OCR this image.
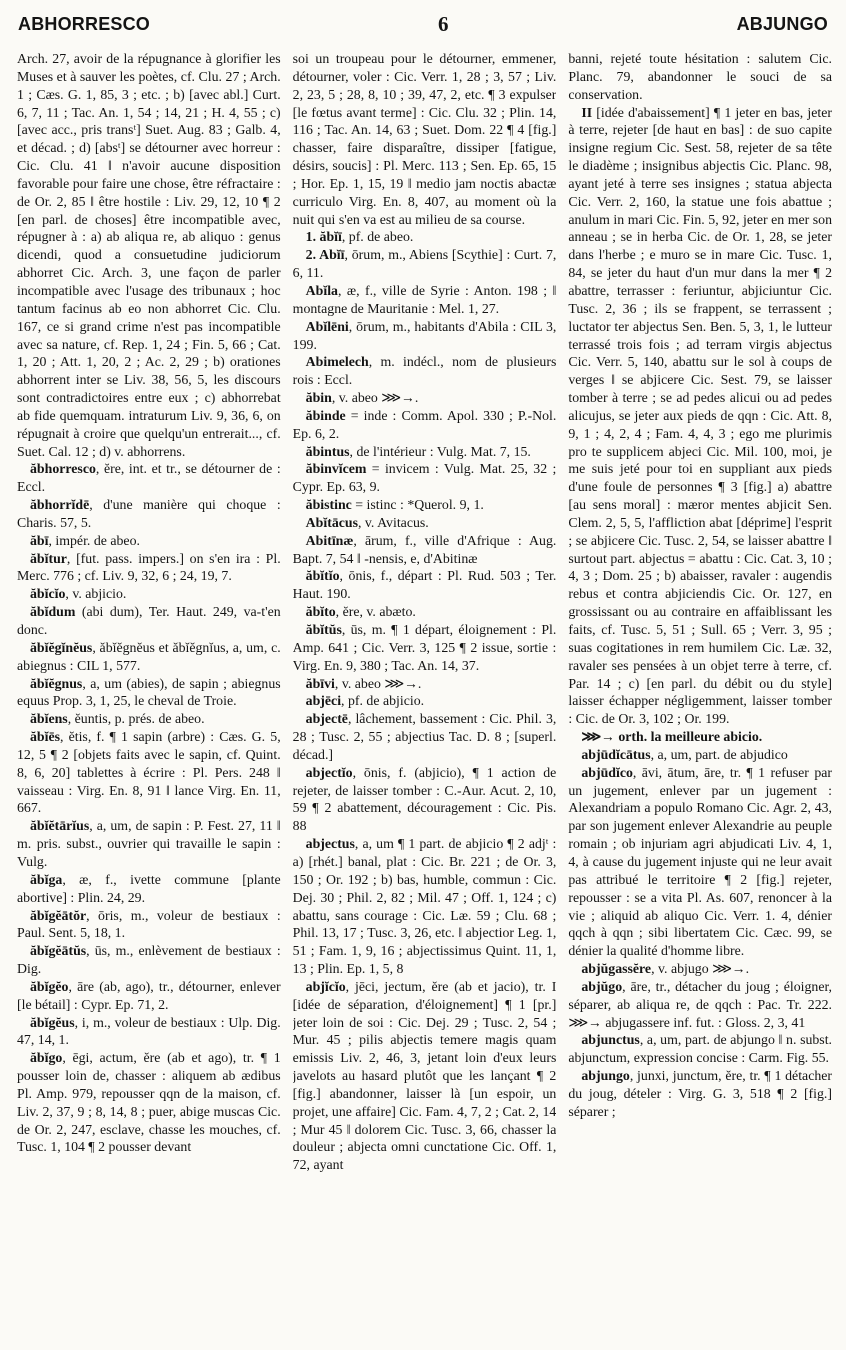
ABHORRESCO	6	ABJUNGO

Arch. 27, avoir de la répugnance à glorifier les Muses et à sauver les poètes, cf. Clu. 27 ; Arch. 1 ; Cæs. G. 1, 85, 3 ; etc. ; b) [avec abl.] Curt. 6, 7, 11 ; Tac. An. 1, 54 ; 14, 21 ; H. 4, 55 ; c) [avec acc., pris transᵗ] Suet. Aug. 83 ; Galb. 4, et décad. ; d) [absᵗ] se détourner avec horreur : Cic. Clu. 41 ‖ n'avoir aucune disposition favorable pour faire une chose, être réfractaire : de Or. 2, 85 ‖ être hostile : Liv. 29, 12, 10 ¶ 2 [en parl. de choses] être incompatible avec, répugner à : a) ab aliqua re, ab aliquo : genus dicendi, quod a consuetudine judiciorum abhorret Cic. Arch. 3, une façon de parler incompatible avec l'usage des tribunaux ; hoc tantum facinus ab eo non abhorret Cic. Clu. 167, ce si grand crime n'est pas incompatible avec sa nature, cf. Rep. 1, 24 ; Fin. 5, 66 ; Cat. 1, 20 ; Att. 1, 20, 2 ; Ac. 2, 29 ; b) orationes abhorrent inter se Liv. 38, 56, 5, les discours sont contradictoires entre eux ; c) abhorrebat ab fide quemquam. intraturum Liv. 9, 36, 6, on répugnait à croire que quelqu'un entrerait..., cf. Suet. Cal. 12 ; d) v. abhorrens.

ăbhorresco, ĕre, int. et tr., se détourner de : Eccl.

ăbhorrĭdē, d'une manière qui choque : Charis. 57, 5.

ăbī, impér. de abeo.

ăbĭtur, [fut. pass. impers.] on s'en ira : Pl. Merc. 776 ; cf. Liv. 9, 32, 6 ; 24, 19, 7.

ăbĭcĭo, v. abjicio.

ăbĭdum (abi dum), Ter. Haut. 249, va-t'en donc.

ăbĭĕgĭnĕus, ăbĭĕgnĕus et ăbĭĕgnĭus, a, um, c. abiegnus : CIL 1, 577.

ăbĭĕgnus, a, um (abies), de sapin ; abiegnus equus Prop. 3, 1, 25, le cheval de Troie.

ăbĭens, ĕuntis, p. prés. de abeo.

ăbĭēs, ĕtis, f. ¶ 1 sapin (arbre) : Cæs. G. 5, 12, 5 ¶ 2 [objets faits avec le sapin, cf. Quint. 8, 6, 20] tablettes à écrire : Pl. Pers. 248 ‖ vaisseau : Virg. En. 8, 91 ‖ lance Virg. En. 11, 667.

ăbĭĕtārĭus, a, um, de sapin : P. Fest. 27, 11 ‖ m. pris. subst., ouvrier qui travaille le sapin : Vulg.

ăbĭga, æ, f., ivette commune [plante abortive] : Plin. 24, 29.

ăbĭgĕātŏr, ōris, m., voleur de bestiaux : Paul. Sent. 5, 18, 1.

ăbĭgĕātŭs, ūs, m., enlèvement de bestiaux : Dig.

ăbĭgĕo, āre (ab, ago), tr., détourner, enlever [le bétail] : Cypr. Ep. 71, 2.

ăbĭgĕus, i, m., voleur de bestiaux : Ulp. Dig. 47, 14, 1.

ăbĭgo, ēgi, actum, ĕre (ab et ago), tr. ¶ 1 pousser loin de, chasser : aliquem ab ædibus Pl. Amp. 979, repousser qqn de la maison, cf. Liv. 2, 37, 9 ; 8, 14, 8 ; puer, abige muscas Cic. de Or. 2, 247, esclave, chasse les mouches, cf. Tusc. 1, 104 ¶ 2 pousser devant

soi un troupeau pour le détourner, emmener, détourner, voler : Cic. Verr. 1, 28 ; 3, 57 ; Liv. 2, 23, 5 ; 28, 8, 10 ; 39, 47, 2, etc. ¶ 3 expulser [le fœtus avant terme] : Cic. Clu. 32 ; Plin. 14, 116 ; Tac. An. 14, 63 ; Suet. Dom. 22 ¶ 4 [fig.] chasser, faire disparaître, dissiper [fatigue, désirs, soucis] : Pl. Merc. 113 ; Sen. Ep. 65, 15 ; Hor. Ep. 1, 15, 19 ‖ medio jam noctis abactæ curriculo Virg. En. 8, 407, au moment où la nuit qui s'en va est au milieu de sa course.

1. ăbĭī, pf. de abeo.

2. Abĭī, ōrum, m., Abiens [Scythie] : Curt. 7, 6, 11.

Abĭla, æ, f., ville de Syrie : Anton. 198 ; ‖ montagne de Mauritanie : Mel. 1, 27.

Abĭlēni, ōrum, m., habitants d'Abila : CIL 3, 199.

Abimelech, m. indécl., nom de plusieurs rois : Eccl.

ăbin, v. abeo ⋙→.

ăbinde = inde : Comm. Apol. 330 ; P.-Nol. Ep. 6, 2.

ăbintus, de l'intérieur : Vulg. Mat. 7, 15.

ăbinvĭcem = invicem : Vulg. Mat. 25, 32 ; Cypr. Ep. 63, 9.

ăbistinc = istinc : *Querol. 9, 1.

Abĭtācus, v. Avitacus.

Abitīnæ, ārum, f., ville d'Afrique : Aug. Bapt. 7, 54 ‖ -nensis, e, d'Abitinæ

ăbĭtĭo, ōnis, f., départ : Pl. Rud. 503 ; Ter. Haut. 190.

ăbĭto, ĕre, v. abæto.

ăbĭtŭs, ūs, m. ¶ 1 départ, éloignement : Pl. Amp. 641 ; Cic. Verr. 3, 125 ¶ 2 issue, sortie : Virg. En. 9, 380 ; Tac. An. 14, 37.

ăbīvi, v. abeo ⋙→.

abjēci, pf. de abjicio.

abjectē, lâchement, bassement : Cic. Phil. 3, 28 ; Tusc. 2, 55 ; abjectius Tac. D. 8 ; [superl. décad.]

abjectĭo, ōnis, f. (abjicio), ¶ 1 action de rejeter, de laisser tomber : C.-Aur. Acut. 2, 10, 59 ¶ 2 abattement, découragement : Cic. Pis. 88

abjectus, a, um ¶ 1 part. de abjicio ¶ 2 adjᵗ : a) [rhét.] banal, plat : Cic. Br. 221 ; de Or. 3, 150 ; Or. 192 ; b) bas, humble, commun : Cic. Dej. 30 ; Phil. 2, 82 ; Mil. 47 ; Off. 1, 124 ; c) abattu, sans courage : Cic. Læ. 59 ; Clu. 68 ; Phil. 13, 17 ; Tusc. 3, 26, etc. ‖ abjectior Leg. 1, 51 ; Fam. 1, 9, 16 ; abjectissimus Quint. 11, 1, 13 ; Plin. Ep. 1, 5, 8

abjĭcĭo, jēci, jectum, ĕre (ab et jacio), tr. I [idée de séparation, d'éloignement] ¶ 1 [pr.] jeter loin de soi : Cic. Dej. 29 ; Tusc. 2, 54 ; Mur. 45 ; pilis abjectis temere magis quam emissis Liv. 2, 46, 3, jetant loin d'eux leurs javelots au hasard plutôt que les lançant ¶ 2 [fig.] abandonner, laisser là [un espoir, un projet, une affaire] Cic. Fam. 4, 7, 2 ; Cat. 2, 14 ; Mur 45 ‖ dolorem Cic. Tusc. 3, 66, chasser la douleur ; abjecta omni cunctatione Cic. Off. 1, 72, ayant

banni, rejeté toute hésitation : salutem Cic. Planc. 79, abandonner le souci de sa conservation.

II [idée d'abaissement] ¶ 1 jeter en bas, jeter à terre, rejeter [de haut en bas] : de suo capite insigne regium Cic. Sest. 58, rejeter de sa tête le diadème ; insignibus abjectis Cic. Planc. 98, ayant jeté à terre ses insignes ; statua abjecta Cic. Verr. 2, 160, la statue une fois abattue ; anulum in mari Cic. Fin. 5, 92, jeter en mer son anneau ; se in herba Cic. de Or. 1, 28, se jeter dans l'herbe ; e muro se in mare Cic. Tusc. 1, 84, se jeter du haut d'un mur dans la mer ¶ 2 abattre, terrasser : feriuntur, abjiciuntur Cic. Tusc. 2, 36 ; ils se frappent, se terrassent ; luctator ter abjectus Sen. Ben. 5, 3, 1, le lutteur terrassé trois fois ; ad terram virgis abjectus Cic. Verr. 5, 140, abattu sur le sol à coups de verges ‖ se abjicere Cic. Sest. 79, se laisser tomber à terre ; se ad pedes alicui ou ad pedes alicujus, se jeter aux pieds de qqn : Cic. Att. 8, 9, 1 ; 4, 2, 4 ; Fam. 4, 4, 3 ; ego me plurimis pro te supplicem abjeci Cic. Mil. 100, moi, je me suis jeté pour toi en suppliant aux pieds d'une foule de personnes ¶ 3 [fig.] a) abattre [au sens moral] : mæror mentes abjicit Sen. Clem. 2, 5, 5, l'affliction abat [déprime] l'esprit ; se abjicere Cic. Tusc. 2, 54, se laisser abattre ‖ surtout part. abjectus = abattu : Cic. Cat. 3, 10 ; 4, 3 ; Dom. 25 ; b) abaisser, ravaler : augendis rebus et contra abjiciendis Cic. Or. 127, en grossissant ou au contraire en affaiblissant les faits, cf. Tusc. 5, 51 ; Sull. 65 ; Verr. 3, 95 ; suas cogitationes in rem humilem Cic. Læ. 32, ravaler ses pensées à un objet terre à terre, cf. Par. 14 ; c) [en parl. du débit ou du style] laisser échapper négligemment, laisser tomber : Cic. de Or. 3, 102 ; Or. 199.

⋙→ orth. la meilleure abicio.

abjūdĭcātus, a, um, part. de abjudico

abjūdĭco, āvi, ātum, āre, tr. ¶ 1 refuser par un jugement, enlever par un jugement : Alexandriam a populo Romano Cic. Agr. 2, 43, par son jugement enlever Alexandrie au peuple romain ; ob injuriam agri abjudicati Liv. 4, 1, 4, à cause du jugement injuste qui ne leur avait pas attribué le territoire ¶ 2 [fig.] rejeter, repousser : se a vita Pl. As. 607, renoncer à la vie ; aliquid ab aliquo Cic. Verr. 1. 4, dénier qqch à qqn ; sibi libertatem Cic. Cæc. 99, se dénier la qualité d'homme libre.

abjŭgassĕre, v. abjugo ⋙→.

abjŭgo, āre, tr., détacher du joug ; éloigner, séparer, ab aliqua re, de qqch : Pac. Tr. 222. ⋙→ abjugassere inf. fut. : Gloss. 2, 3, 41

abjunctus, a, um, part. de abjungo ‖ n. subst. abjunctum, expression concise : Carm. Fig. 55.

abjungo, junxi, junctum, ĕre, tr. ¶ 1 détacher du joug, dételer : Virg. G. 3, 518 ¶ 2 [fig.] séparer ;
